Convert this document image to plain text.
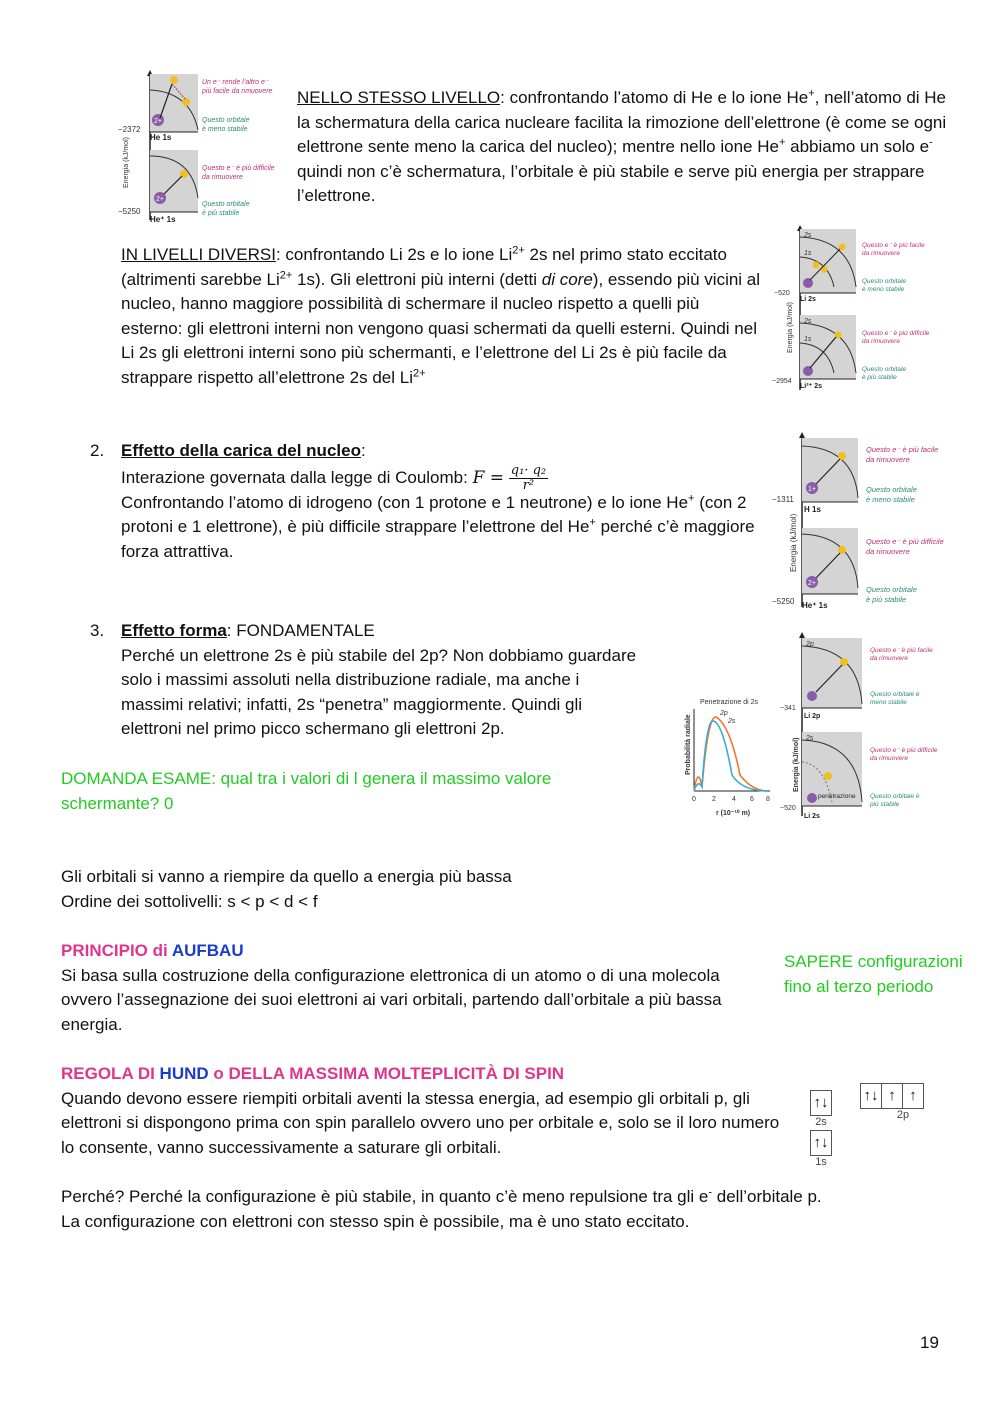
NELLO STESSO LIVELLO: confrontando l’atomo di He e lo ione He+, nell’atomo di He la schermatura della carica nucleare facilita la rimozione dell’elettrone (è come se ogni elettrone sente meno la carica del nucleo); mentre nello ione He+ abbiamo un solo e- quindi non c’è schermatura, l’orbitale è più stabile e serve più energia per strappare l’elettrone.
Energia (kJ/mol)
−2372
−5250
2+
He 1s
2+
He⁺ 1s
Un e⁻ rende l’altro e⁻
più facile da rimuovere
Questo orbitale
è meno stabile
Questo e⁻ è più difficile
da rimuovere
Questo orbitale
è più stabile
IN LIVELLI DIVERSI: confrontando Li 2s e lo ione $Li^{2+}$ 2s nel primo stato eccitato (altrimenti sarebbe $Li^{2+}$ 1s). Gli elettroni più interni (detti di core), essendo più vicini al nucleo, hanno maggiore possibilità di schermare il nucleo rispetto a quelli più esterno: gli elettroni interni non vengono quasi schermati da quelli esterni. Quindi nel Li 2s gli elettroni interni sono più schermanti, e l’elettrone del Li 2s è più facile da strappare rispetto all’elettrone 2s del $Li^{2+}$
Energia (kJ/mol)
−520
−2954
2s
1s
Li 2s
2s
1s
Li²⁺ 2s
Questo e⁻ è più facile
da rimuovere
Questo orbitale
è meno stabile
Questo e⁻ è più difficile
da rimuovere
Questo orbitale
è più stabile
2. Effetto della carica del nucleo:
Interazione governata dalla legge di Coulomb: $F = \frac{\text{q₁· q₂}}{\text{r²}}$
Confrontando l’atomo di idrogeno (con 1 protone e 1 neutrone) e lo ione He+ (con 2 protoni e 1 elettrone), è più difficile strappare l’elettrone del He+ perché c’è maggiore forza attrattiva.	Energia (kJ/mol)
−1311
−5250
1+
H 1s
2+
He⁺ 1s
Questo e⁻ è più facile
da rimuovere
Questo orbitale
è meno stabile
Questo e⁻ è più difficile
da rimuovere
Questo orbitale
è più stabile
3. Effetto forma: FONDAMENTALE
Perché un elettrone 2s è più stabile del 2p? Non dobbiamo guardare solo i massimi assoluti nella distribuzione radiale, ma anche i massimi relativi; infatti, 2s “penetra” maggiormente. Quindi gli elettroni nel primo picco schermano gli elettroni 2p.
Penetrazione di 2s
Probabilità radiale
2p
2s
0 2 4 6 8
r (10⁻¹⁰ m)
Energia (kJ/mol)
−341
−520
2p
Li 2p
2s
penetrazione
Li 2s
Questo e⁻ è più facile
da rimuovere
Questo orbitale è
meno stabile
Questo e⁻ è più difficile
da rimuovere
Questo orbitale è
più stabile
DOMANDA ESAME: qual tra i valori di l genera il massimo valore schermante? 0
Gli orbitali si vanno a riempire da quello a energia più bassa
Ordine dei sottolivelli: s < p < d < f
PRINCIPIO di AUFBAU
Si basa sulla costruzione della configurazione elettronica di un atomo o di una molecola ovvero l’assegnazione dei suoi elettroni ai vari orbitali, partendo dall’orbitale a più bassa energia.
SAPERE configurazioni fino al terzo periodo
REGOLA DI HUND o DELLA MASSIMA MOLTEPLICITÀ DI SPIN
Quando devono essere riempiti orbitali aventi la stessa energia, ad esempio gli orbitali p, gli elettroni si dispongono prima con spin parallelo ovvero uno per orbitale e, solo se il loro numero lo consente, vanno successivamente a saturare gli orbitali.
↑↓
2s
↑↓
1s
↑↓ ↑ ↑
2p
Perché? Perché la configurazione è più stabile, in quanto c’è meno repulsione tra gli e- dell’orbitale p.
La configurazione con elettroni con stesso spin è possibile, ma è uno stato eccitato.
19
